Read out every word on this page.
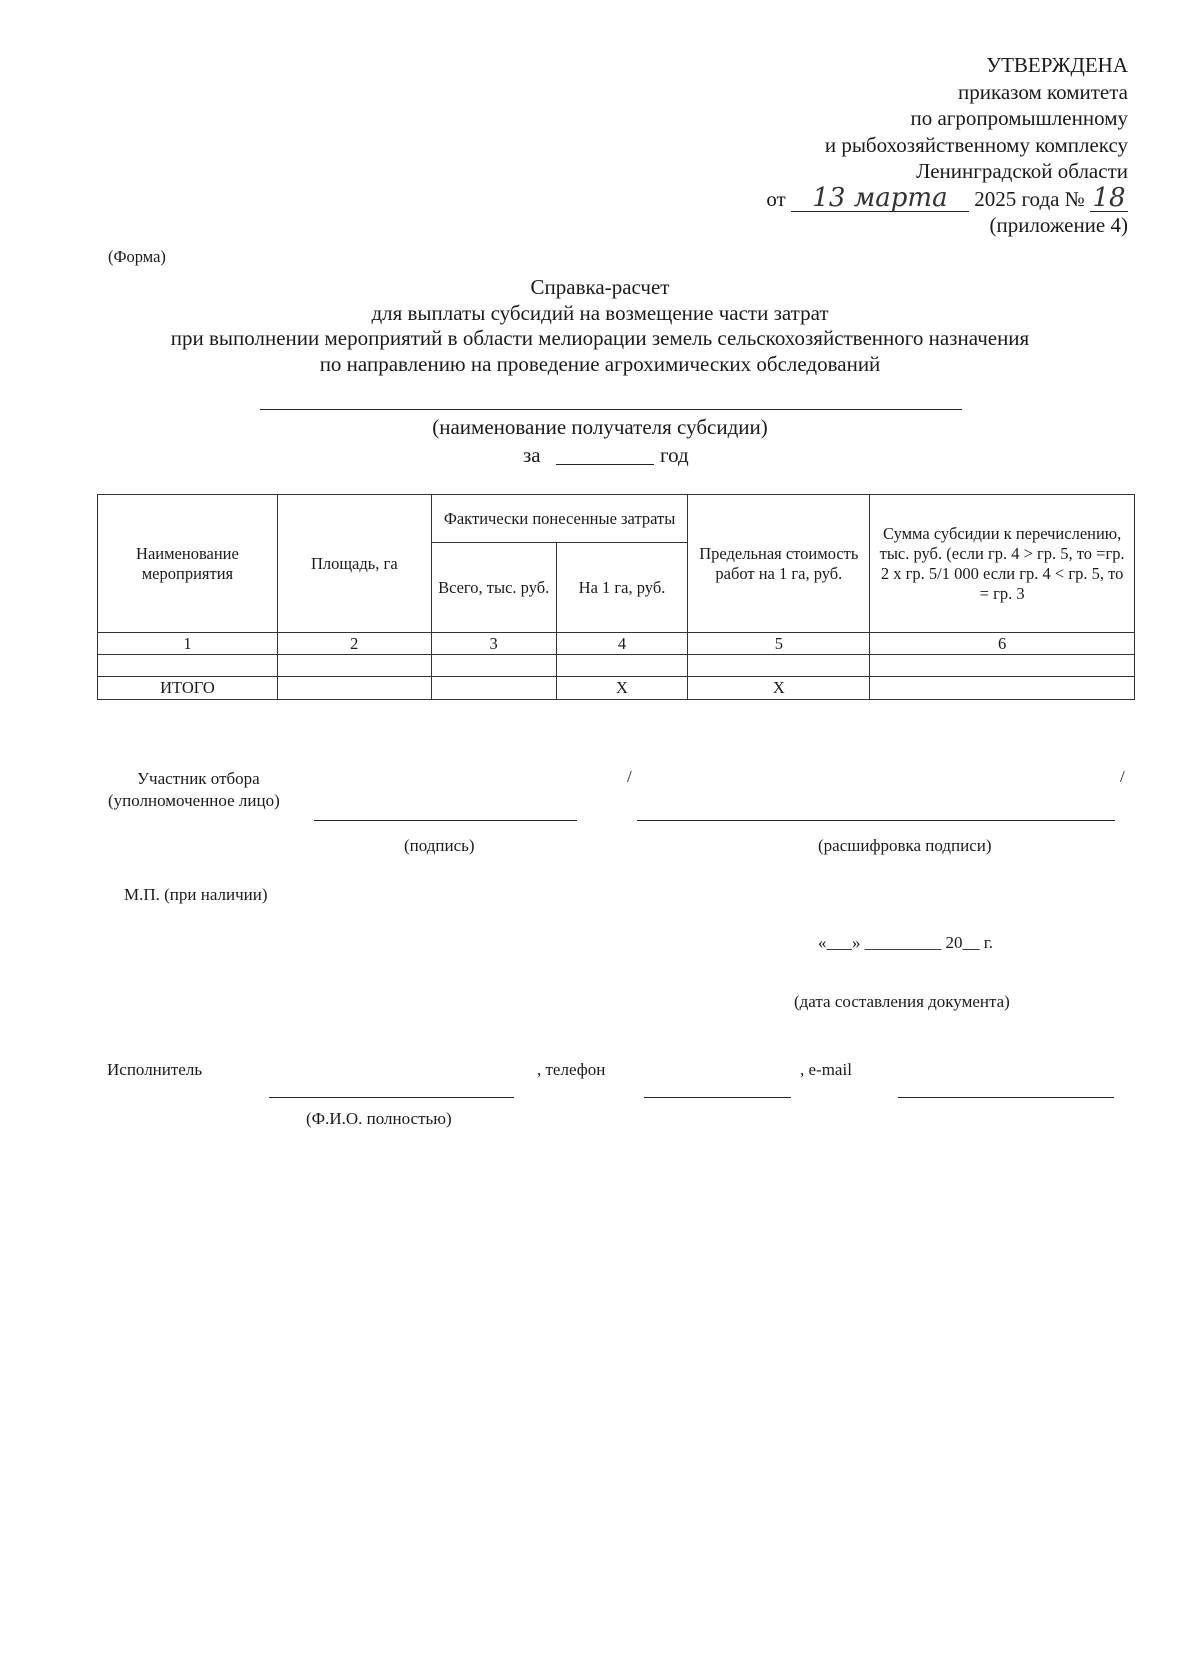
УТВЕРЖДЕНА
приказом комитета
по агропромышленному
и рыбохозяйственному комплексу
Ленинградской области
от 13 марта 2025 года № 18
(приложение 4)
(Форма)
Справка-расчет
для выплаты субсидий на возмещение части затрат
при выполнении мероприятий в области мелиорации земель сельскохозяйственного назначения
по направлению на проведение агрохимических обследований
(наименование получателя субсидии)
за	год
Наименование мероприятия	Площадь, га	Фактически понесенные затраты		Предельная стоимость работ на 1 га, руб.	Сумма субсидии к перечислению, тыс. руб. (если гр. 4 > гр. 5, то =гр. 2 х гр. 5/1 000 если гр. 4 < гр. 5, то = гр. 3
		Всего, тыс. руб.	На 1 га, руб.		
1	2	3	4	5	6

ИТОГО			Х	Х	
Участник отбора
(уполномоченное лицо)
/	/
(подпись)	(расшифровка подписи)
М.П. (при наличии)
«___» _________ 20__ г.
(дата составления документа)
Исполнитель	, телефон	, e-mail
(Ф.И.О. полностью)
